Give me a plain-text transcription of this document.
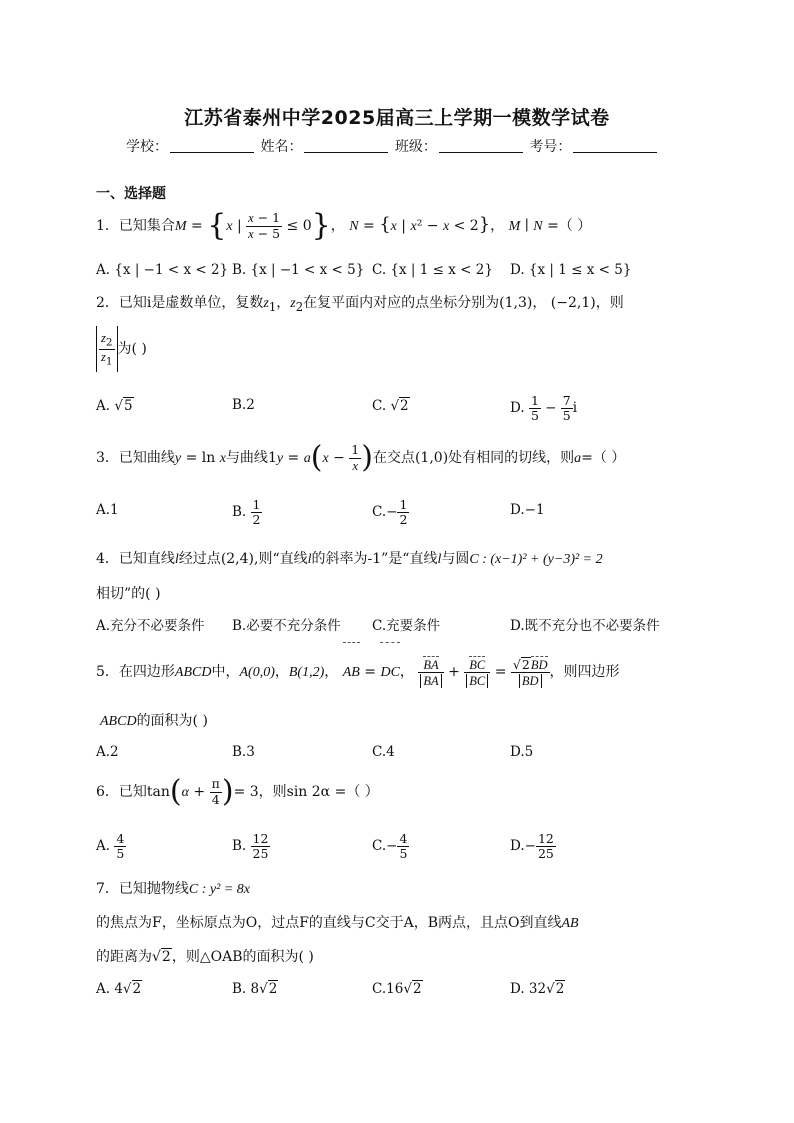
江苏省泰州中学2025届高三上学期一模数学试卷
学校：	姓名：	班级：	考号：
一、选择题
1．已知集合M = {x | $\frac{x - 1}{x - 5} \le 0$}， N = {x | x² − x < 2}， M ∣ N =（ ）
A. {x | −1 < x < 2} B. {x | −1 < x < 5} C. {x | 1 ≤ x < 2} D. {x | 1 ≤ x < 5}
2．已知i是虚数单位，复数$z_1$，$z_2$在复平面内对应的点坐标分别为(1,3)， (−2,1)，则
$\frac{z_2}{z_1}$ 为( )
A. √5	B.2	C. √2	D. $\frac{1}{5} - \frac{7}{5}$ i
3．已知曲线y = ln x与曲线$1y = a(x - \frac{1}{x}$ )在交点(1,0)处有相同的切线，则a=（ ）
A.1	B. $\frac{1}{2}$	$C.- \frac{1}{2}$	D.−1
4．已知直线l经过点(2,4),则“直线l的斜率为-1”是“直线l与圆C : (x−1)² + (y−3)² = 2
相切”的( )
A.充分不必要条件 B.必要不充分条件 C.充要条件	D.既不充分也不必要条件
5．在四边形ABCD中，A(0,0)，B(1,2)， AB = DC， $\frac{BA}{BA} + \frac{BC}{BC} = \frac{√2BD}{BD}$ ，则四边形
ABCD的面积为( )
A.2	B.3	C.4	D.5
6．已知$\tan(\alpha + \frac{\pi}{4}$ )= 3，则sin 2α =（ ）
A. $\frac{4}{5}$	B. $\frac{12}{25}$	$C.- \frac{4}{5}$	$D.- \frac{12}{25}$
7．已知抛物线C : y² = 8x
的焦点为F，坐标原点为O，过点F的直线与C交于A，B两点，且点O到直线AB
的距离为√2，则△OAB的面积为( )
A. 4√2	B. 8√2	C.16√2	D. 32√2
